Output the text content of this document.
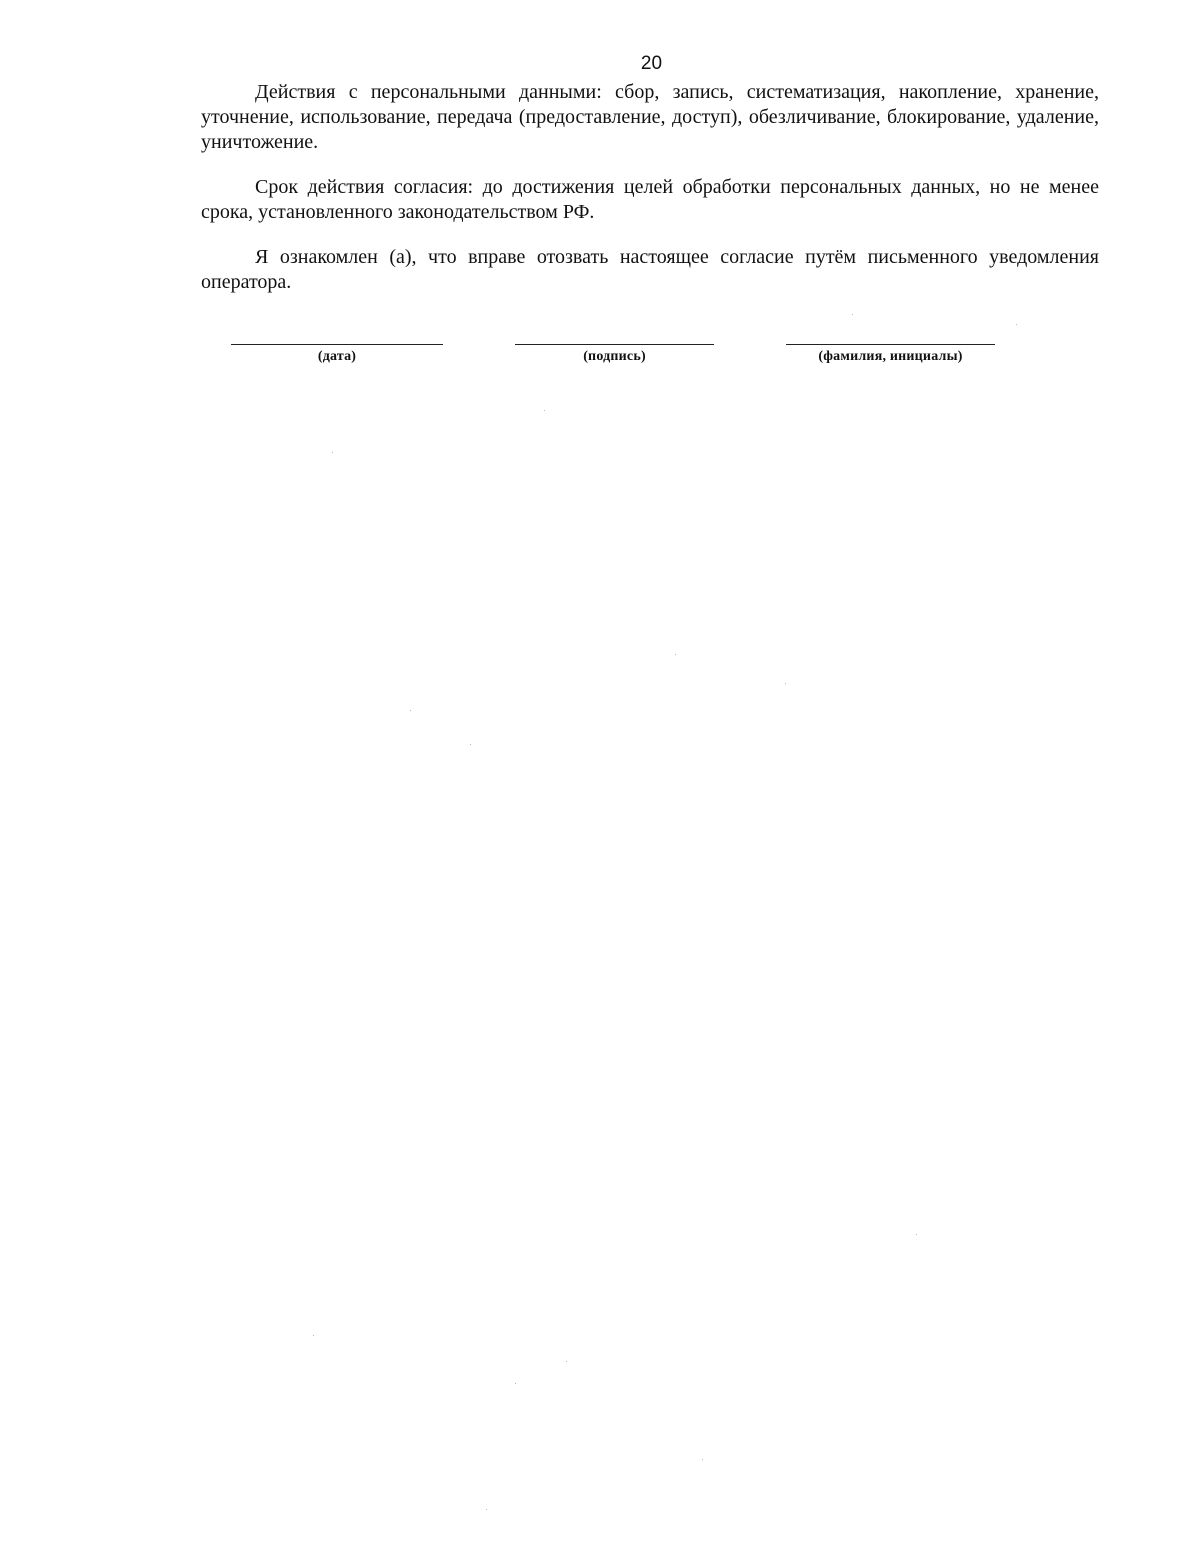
20

Действия с персональными данными: сбор, запись, систематизация, накопление, хранение, уточнение, использование, передача (предоставление, доступ), обезличивание, блокирование, удаление, уничтожение.

Срок действия согласия: до достижения целей обработки персональных данных, но не менее срока, установленного законодательством РФ.

Я ознакомлен (а), что вправе отозвать настоящее согласие путём письменного уведомления оператора.

(дата)	(подпись)	(фамилия, инициалы)
